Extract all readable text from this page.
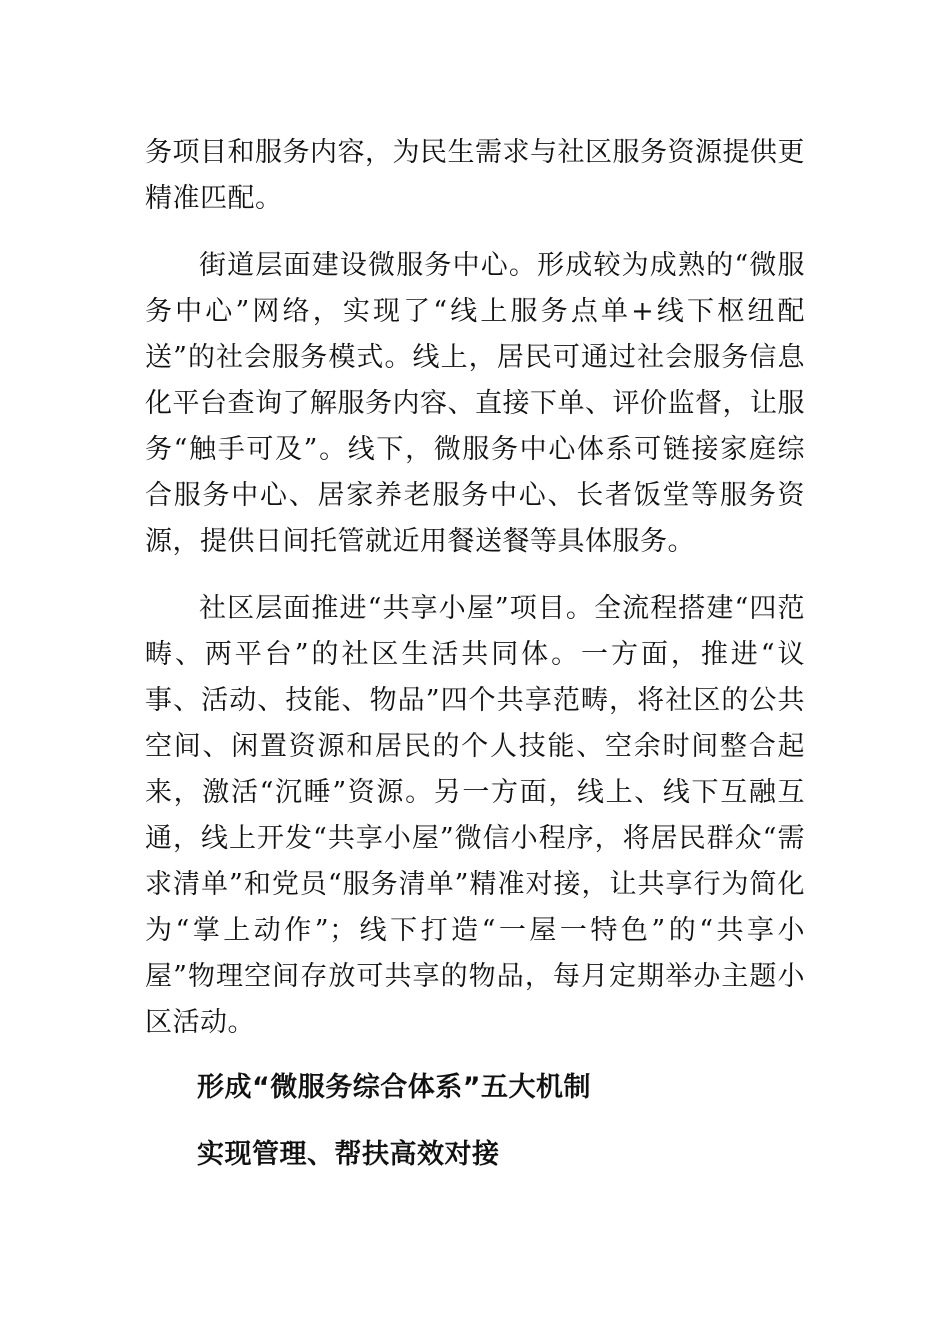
务项目和服务内容，为民生需求与社区服务资源提供更精准匹配。

街道层面建设微服务中心。形成较为成熟的“微服务中心”网络，实现了“线上服务点单+线下枢纽配送”的社会服务模式。线上，居民可通过社会服务信息化平台查询了解服务内容、直接下单、评价监督，让服务“触手可及”。线下，微服务中心体系可链接家庭综合服务中心、居家养老服务中心、长者饭堂等服务资源，提供日间托管就近用餐送餐等具体服务。

社区层面推进“共享小屋”项目。全流程搭建“四范畴、两平台”的社区生活共同体。一方面，推进“议事、活动、技能、物品”四个共享范畴，将社区的公共空间、闲置资源和居民的个人技能、空余时间整合起来，激活“沉睡”资源。另一方面，线上、线下互融互通，线上开发“共享小屋”微信小程序，将居民群众“需求清单”和党员“服务清单”精准对接，让共享行为简化为“掌上动作”；线下打造“一屋一特色”的“共享小屋”物理空间存放可共享的物品，每月定期举办主题小区活动。

形成“微服务综合体系”五大机制

实现管理、帮扶高效对接
